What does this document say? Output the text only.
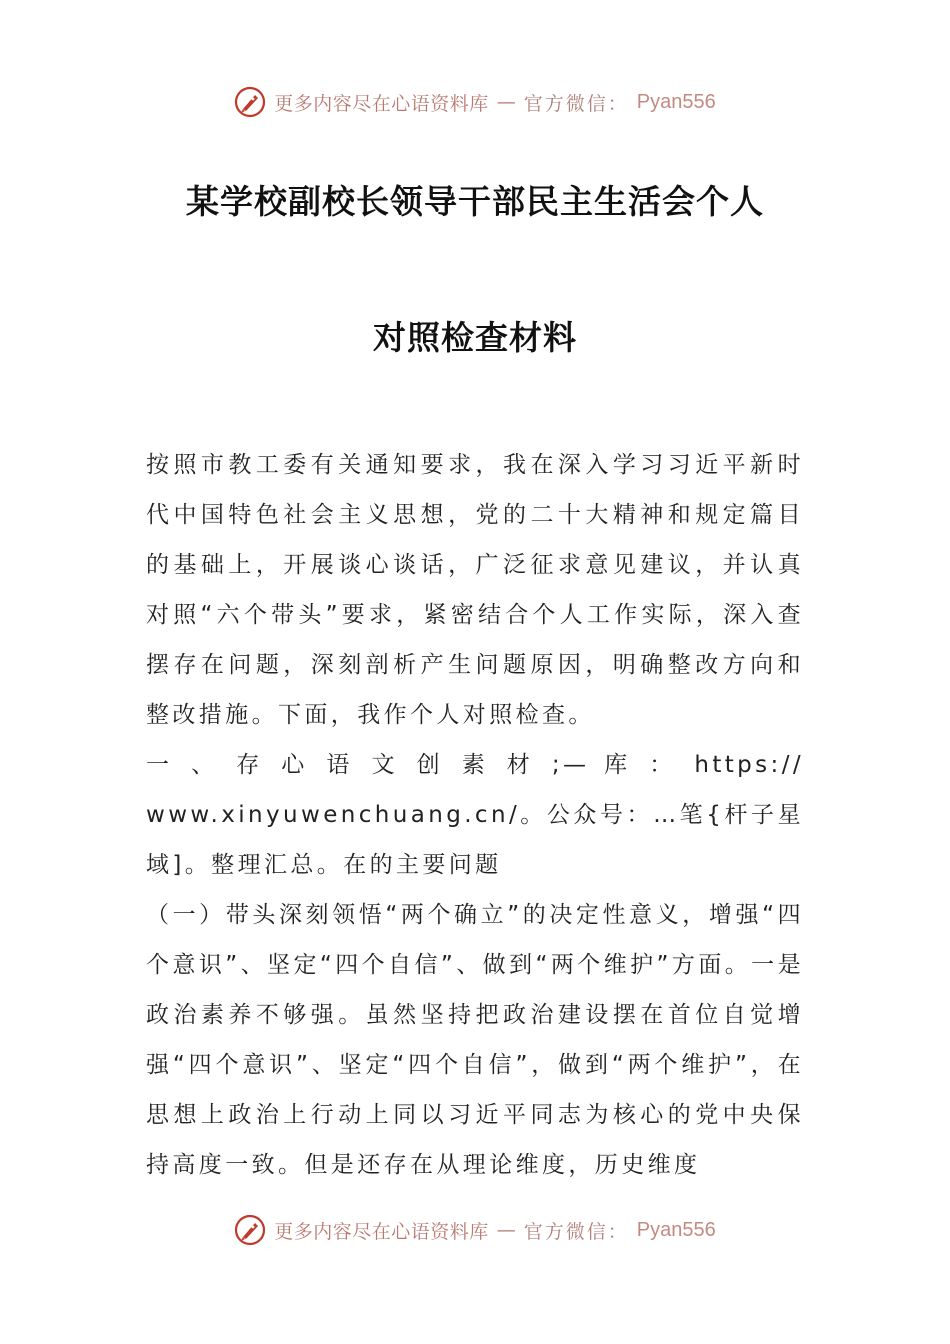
更多内容尽在心语资料库 — 官方微信： Pyan556
某学校副校长领导干部民主生活会个人
对照检查材料

按照市教工委有关通知要求，我在深入学习习近平新时代中国特色社会主义思想，党的二十大精神和规定篇目的基础上，开展谈心谈话，广泛征求意见建议，并认真对照“六个带头”要求，紧密结合个人工作实际，深入查摆存在问题，深刻剖析产生问题原因，明确整改方向和整改措施。下面，我作个人对照检查。

一 、 存 心 语 文 创 素 材 ;— 库 ： https://

www.xinyuwenchuang.cn/。公众号：…笔{杆子星域]。整理汇总。在的主要问题

（一）带头深刻领悟“两个确立”的决定性意义，增强“四个意识”、坚定“四个自信”、做到“两个维护”方面。一是政治素养不够强。虽然坚持把政治建设摆在首位自觉增强“四个意识”、坚定“四个自信”，做到“两个维护”，在思想上政治上行动上同以习近平同志为核心的党中央保持高度一致。但是还存在从理论维度，历史维度

更多内容尽在心语资料库 — 官方微信： Pyan556
